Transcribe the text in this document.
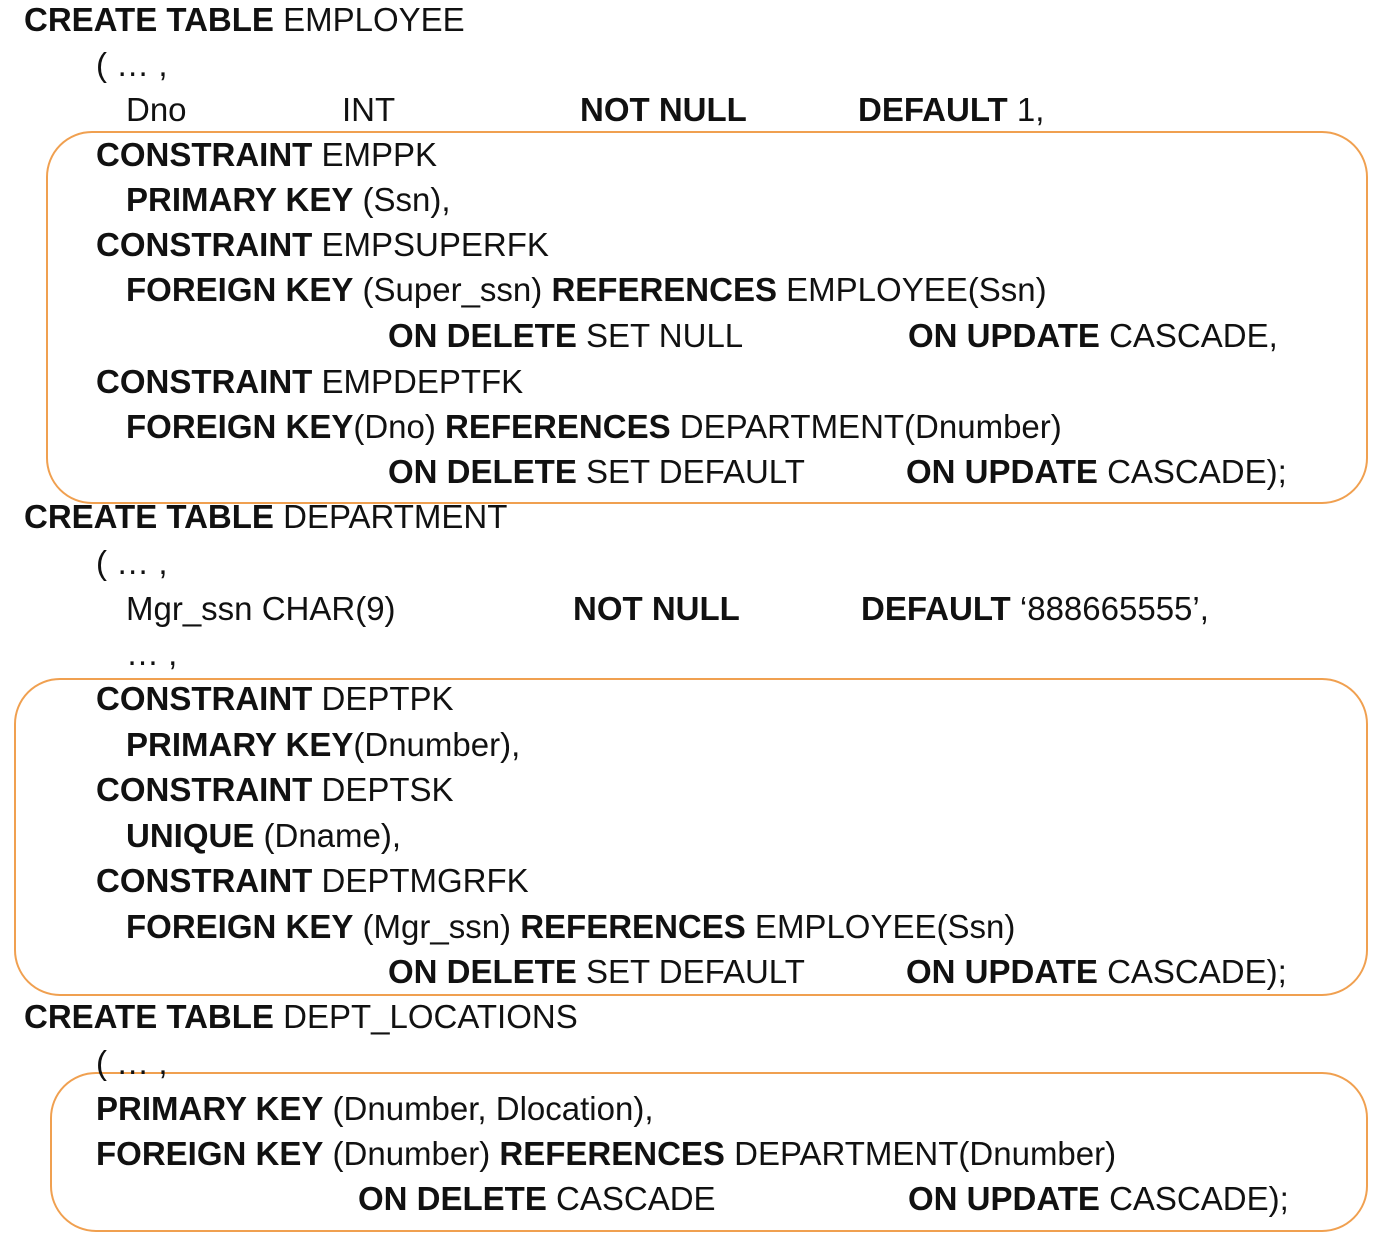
CREATE TABLE EMPLOYEE
( … ,
Dno	INT	NOT NULL	DEFAULT 1,
CONSTRAINT EMPPK
PRIMARY KEY (Ssn),
CONSTRAINT EMPSUPERFK
FOREIGN KEY (Super_ssn) REFERENCES EMPLOYEE(Ssn)
ON DELETE SET NULL	ON UPDATE CASCADE,
CONSTRAINT EMPDEPTFK
FOREIGN KEY(Dno) REFERENCES DEPARTMENT(Dnumber)
ON DELETE SET DEFAULT	ON UPDATE CASCADE);
CREATE TABLE DEPARTMENT
( … ,
Mgr_ssn CHAR(9)	NOT NULL	DEFAULT ‘888665555’,
… ,
CONSTRAINT DEPTPK
PRIMARY KEY(Dnumber),
CONSTRAINT DEPTSK
UNIQUE (Dname),
CONSTRAINT DEPTMGRFK
FOREIGN KEY (Mgr_ssn) REFERENCES EMPLOYEE(Ssn)
ON DELETE SET DEFAULT	ON UPDATE CASCADE);
CREATE TABLE DEPT_LOCATIONS
( … ,
PRIMARY KEY (Dnumber, Dlocation),
FOREIGN KEY (Dnumber) REFERENCES DEPARTMENT(Dnumber)
ON DELETE CASCADE	ON UPDATE CASCADE);
